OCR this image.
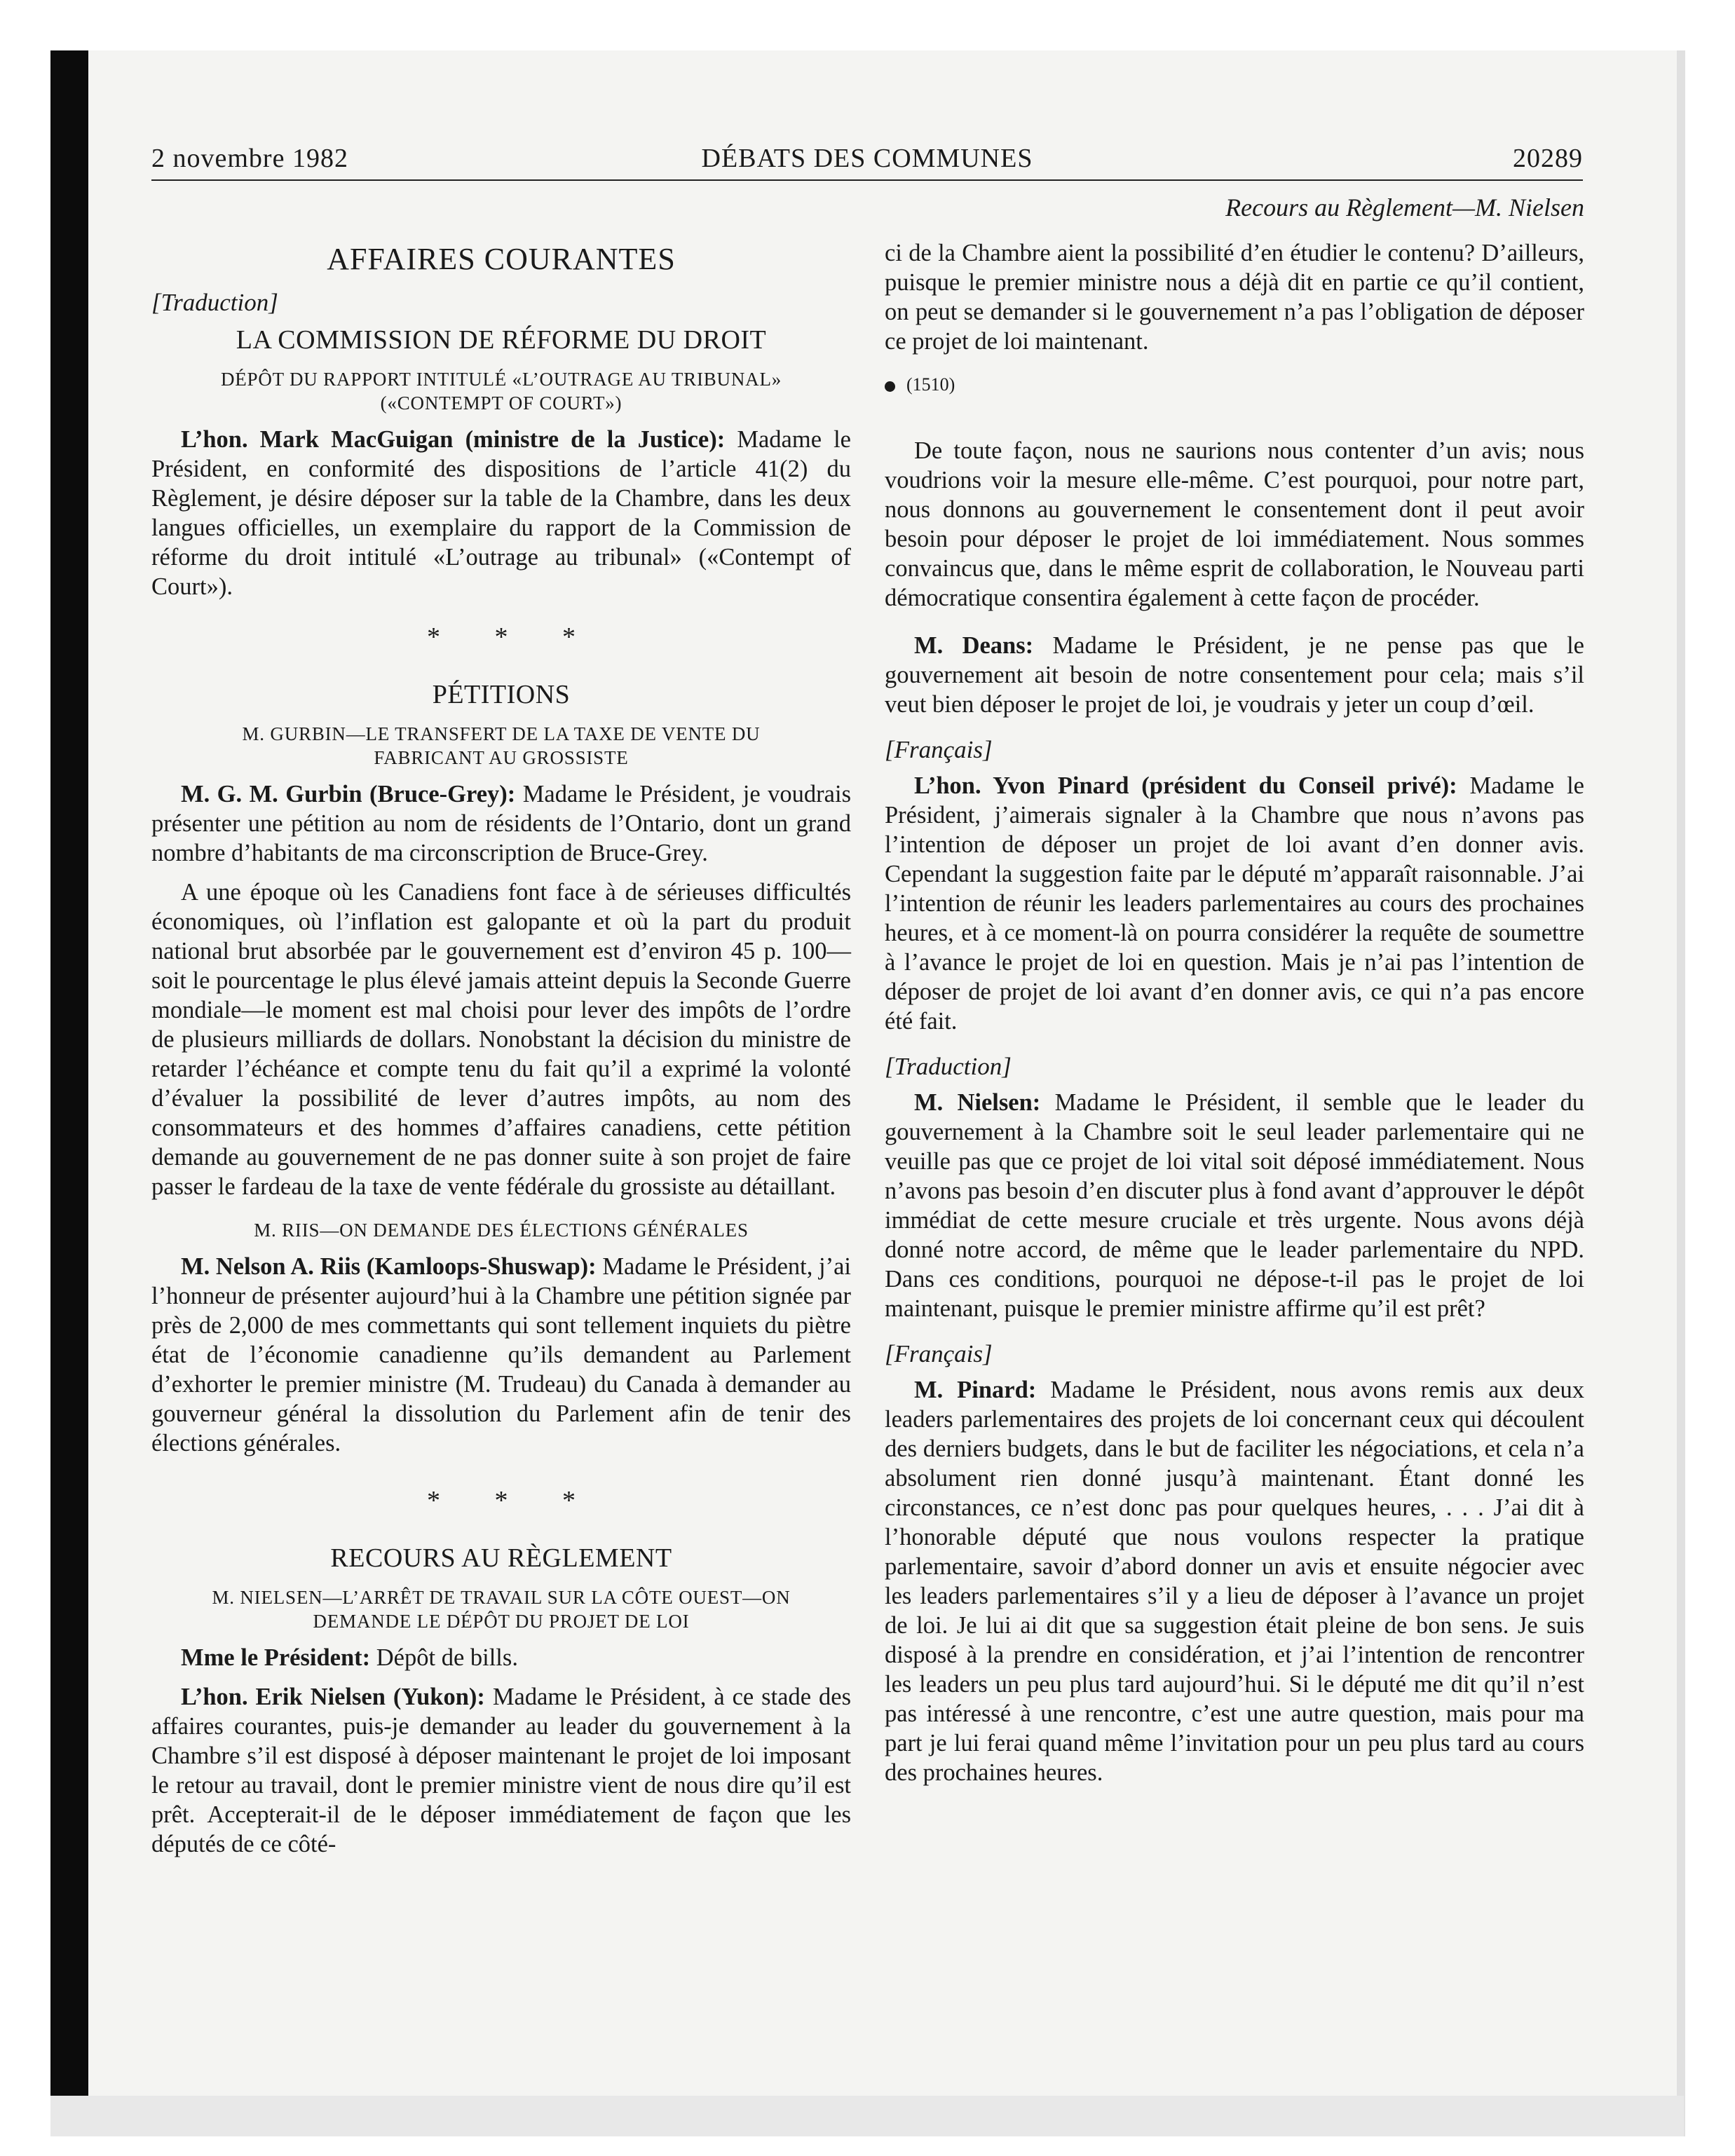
2 novembre 1982	DÉBATS DES COMMUNES	20289
AFFAIRES COURANTES
[Traduction]
LA COMMISSION DE RÉFORME DU DROIT
DÉPÔT DU RAPPORT INTITULÉ «L’OUTRAGE AU TRIBUNAL»
(«CONTEMPT OF COURT»)

L’hon. Mark MacGuigan (ministre de la Justice): Madame le Président, en conformité des dispositions de l’article 41(2) du Règlement, je désire déposer sur la table de la Chambre, dans les deux langues officielles, un exemplaire du rapport de la Commission de réforme du droit intitulé «L’outrage au tribunal» («Contempt of Court»).

* * *
PÉTITIONS
M. GURBIN—LE TRANSFERT DE LA TAXE DE VENTE DU
FABRICANT AU GROSSISTE

M. G. M. Gurbin (Bruce-Grey): Madame le Président, je voudrais présenter une pétition au nom de résidents de l’Ontario, dont un grand nombre d’habitants de ma circonscription de Bruce-Grey.

A une époque où les Canadiens font face à de sérieuses difficultés économiques, où l’inflation est galopante et où la part du produit national brut absorbée par le gouvernement est d’environ 45 p. 100—soit le pourcentage le plus élevé jamais atteint depuis la Seconde Guerre mondiale—le moment est mal choisi pour lever des impôts de l’ordre de plusieurs milliards de dollars. Nonobstant la décision du ministre de retarder l’échéance et compte tenu du fait qu’il a exprimé la volonté d’évaluer la possibilité de lever d’autres impôts, au nom des consommateurs et des hommes d’affaires canadiens, cette pétition demande au gouvernement de ne pas donner suite à son projet de faire passer le fardeau de la taxe de vente fédérale du grossiste au détaillant.

M. RIIS—ON DEMANDE DES ÉLECTIONS GÉNÉRALES

M. Nelson A. Riis (Kamloops-Shuswap): Madame le Président, j’ai l’honneur de présenter aujourd’hui à la Chambre une pétition signée par près de 2,000 de mes commettants qui sont tellement inquiets du piètre état de l’économie canadienne qu’ils demandent au Parlement d’exhorter le premier ministre (M. Trudeau) du Canada à demander au gouverneur général la dissolution du Parlement afin de tenir des élections générales.

* * *
RECOURS AU RÈGLEMENT
M. NIELSEN—L’ARRÊT DE TRAVAIL SUR LA CÔTE OUEST—ON
DEMANDE LE DÉPÔT DU PROJET DE LOI

Mme le Président: Dépôt de bills.

L’hon. Erik Nielsen (Yukon): Madame le Président, à ce stade des affaires courantes, puis-je demander au leader du gouvernement à la Chambre s’il est disposé à déposer maintenant le projet de loi imposant le retour au travail, dont le premier ministre vient de nous dire qu’il est prêt. Accepterait-il de le déposer immédiatement de façon que les députés de ce côté-

Recours au Règlement—M. Nielsen

ci de la Chambre aient la possibilité d’en étudier le contenu? D’ailleurs, puisque le premier ministre nous a déjà dit en partie ce qu’il contient, on peut se demander si le gouvernement n’a pas l’obligation de déposer ce projet de loi maintenant.

(1510)

De toute façon, nous ne saurions nous contenter d’un avis; nous voudrions voir la mesure elle-même. C’est pourquoi, pour notre part, nous donnons au gouvernement le consentement dont il peut avoir besoin pour déposer le projet de loi immédiatement. Nous sommes convaincus que, dans le même esprit de collaboration, le Nouveau parti démocratique consentira également à cette façon de procéder.

M. Deans: Madame le Président, je ne pense pas que le gouvernement ait besoin de notre consentement pour cela; mais s’il veut bien déposer le projet de loi, je voudrais y jeter un coup d’œil.

[Français]

L’hon. Yvon Pinard (président du Conseil privé): Madame le Président, j’aimerais signaler à la Chambre que nous n’avons pas l’intention de déposer un projet de loi avant d’en donner avis. Cependant la suggestion faite par le député m’apparaît raisonnable. J’ai l’intention de réunir les leaders parlementaires au cours des prochaines heures, et à ce moment-là on pourra considérer la requête de soumettre à l’avance le projet de loi en question. Mais je n’ai pas l’intention de déposer de projet de loi avant d’en donner avis, ce qui n’a pas encore été fait.

[Traduction]

M. Nielsen: Madame le Président, il semble que le leader du gouvernement à la Chambre soit le seul leader parlementaire qui ne veuille pas que ce projet de loi vital soit déposé immédiatement. Nous n’avons pas besoin d’en discuter plus à fond avant d’approuver le dépôt immédiat de cette mesure cruciale et très urgente. Nous avons déjà donné notre accord, de même que le leader parlementaire du NPD. Dans ces conditions, pourquoi ne dépose-t-il pas le projet de loi maintenant, puisque le premier ministre affirme qu’il est prêt?

[Français]

M. Pinard: Madame le Président, nous avons remis aux deux leaders parlementaires des projets de loi concernant ceux qui découlent des derniers budgets, dans le but de faciliter les négociations, et cela n’a absolument rien donné jusqu’à maintenant. Étant donné les circonstances, ce n’est donc pas pour quelques heures, . . . J’ai dit à l’honorable député que nous voulons respecter la pratique parlementaire, savoir d’abord donner un avis et ensuite négocier avec les leaders parlementaires s’il y a lieu de déposer à l’avance un projet de loi. Je lui ai dit que sa suggestion était pleine de bon sens. Je suis disposé à la prendre en considération, et j’ai l’intention de rencontrer les leaders un peu plus tard aujourd’hui. Si le député me dit qu’il n’est pas intéressé à une rencontre, c’est une autre question, mais pour ma part je lui ferai quand même l’invitation pour un peu plus tard au cours des prochaines heures.
